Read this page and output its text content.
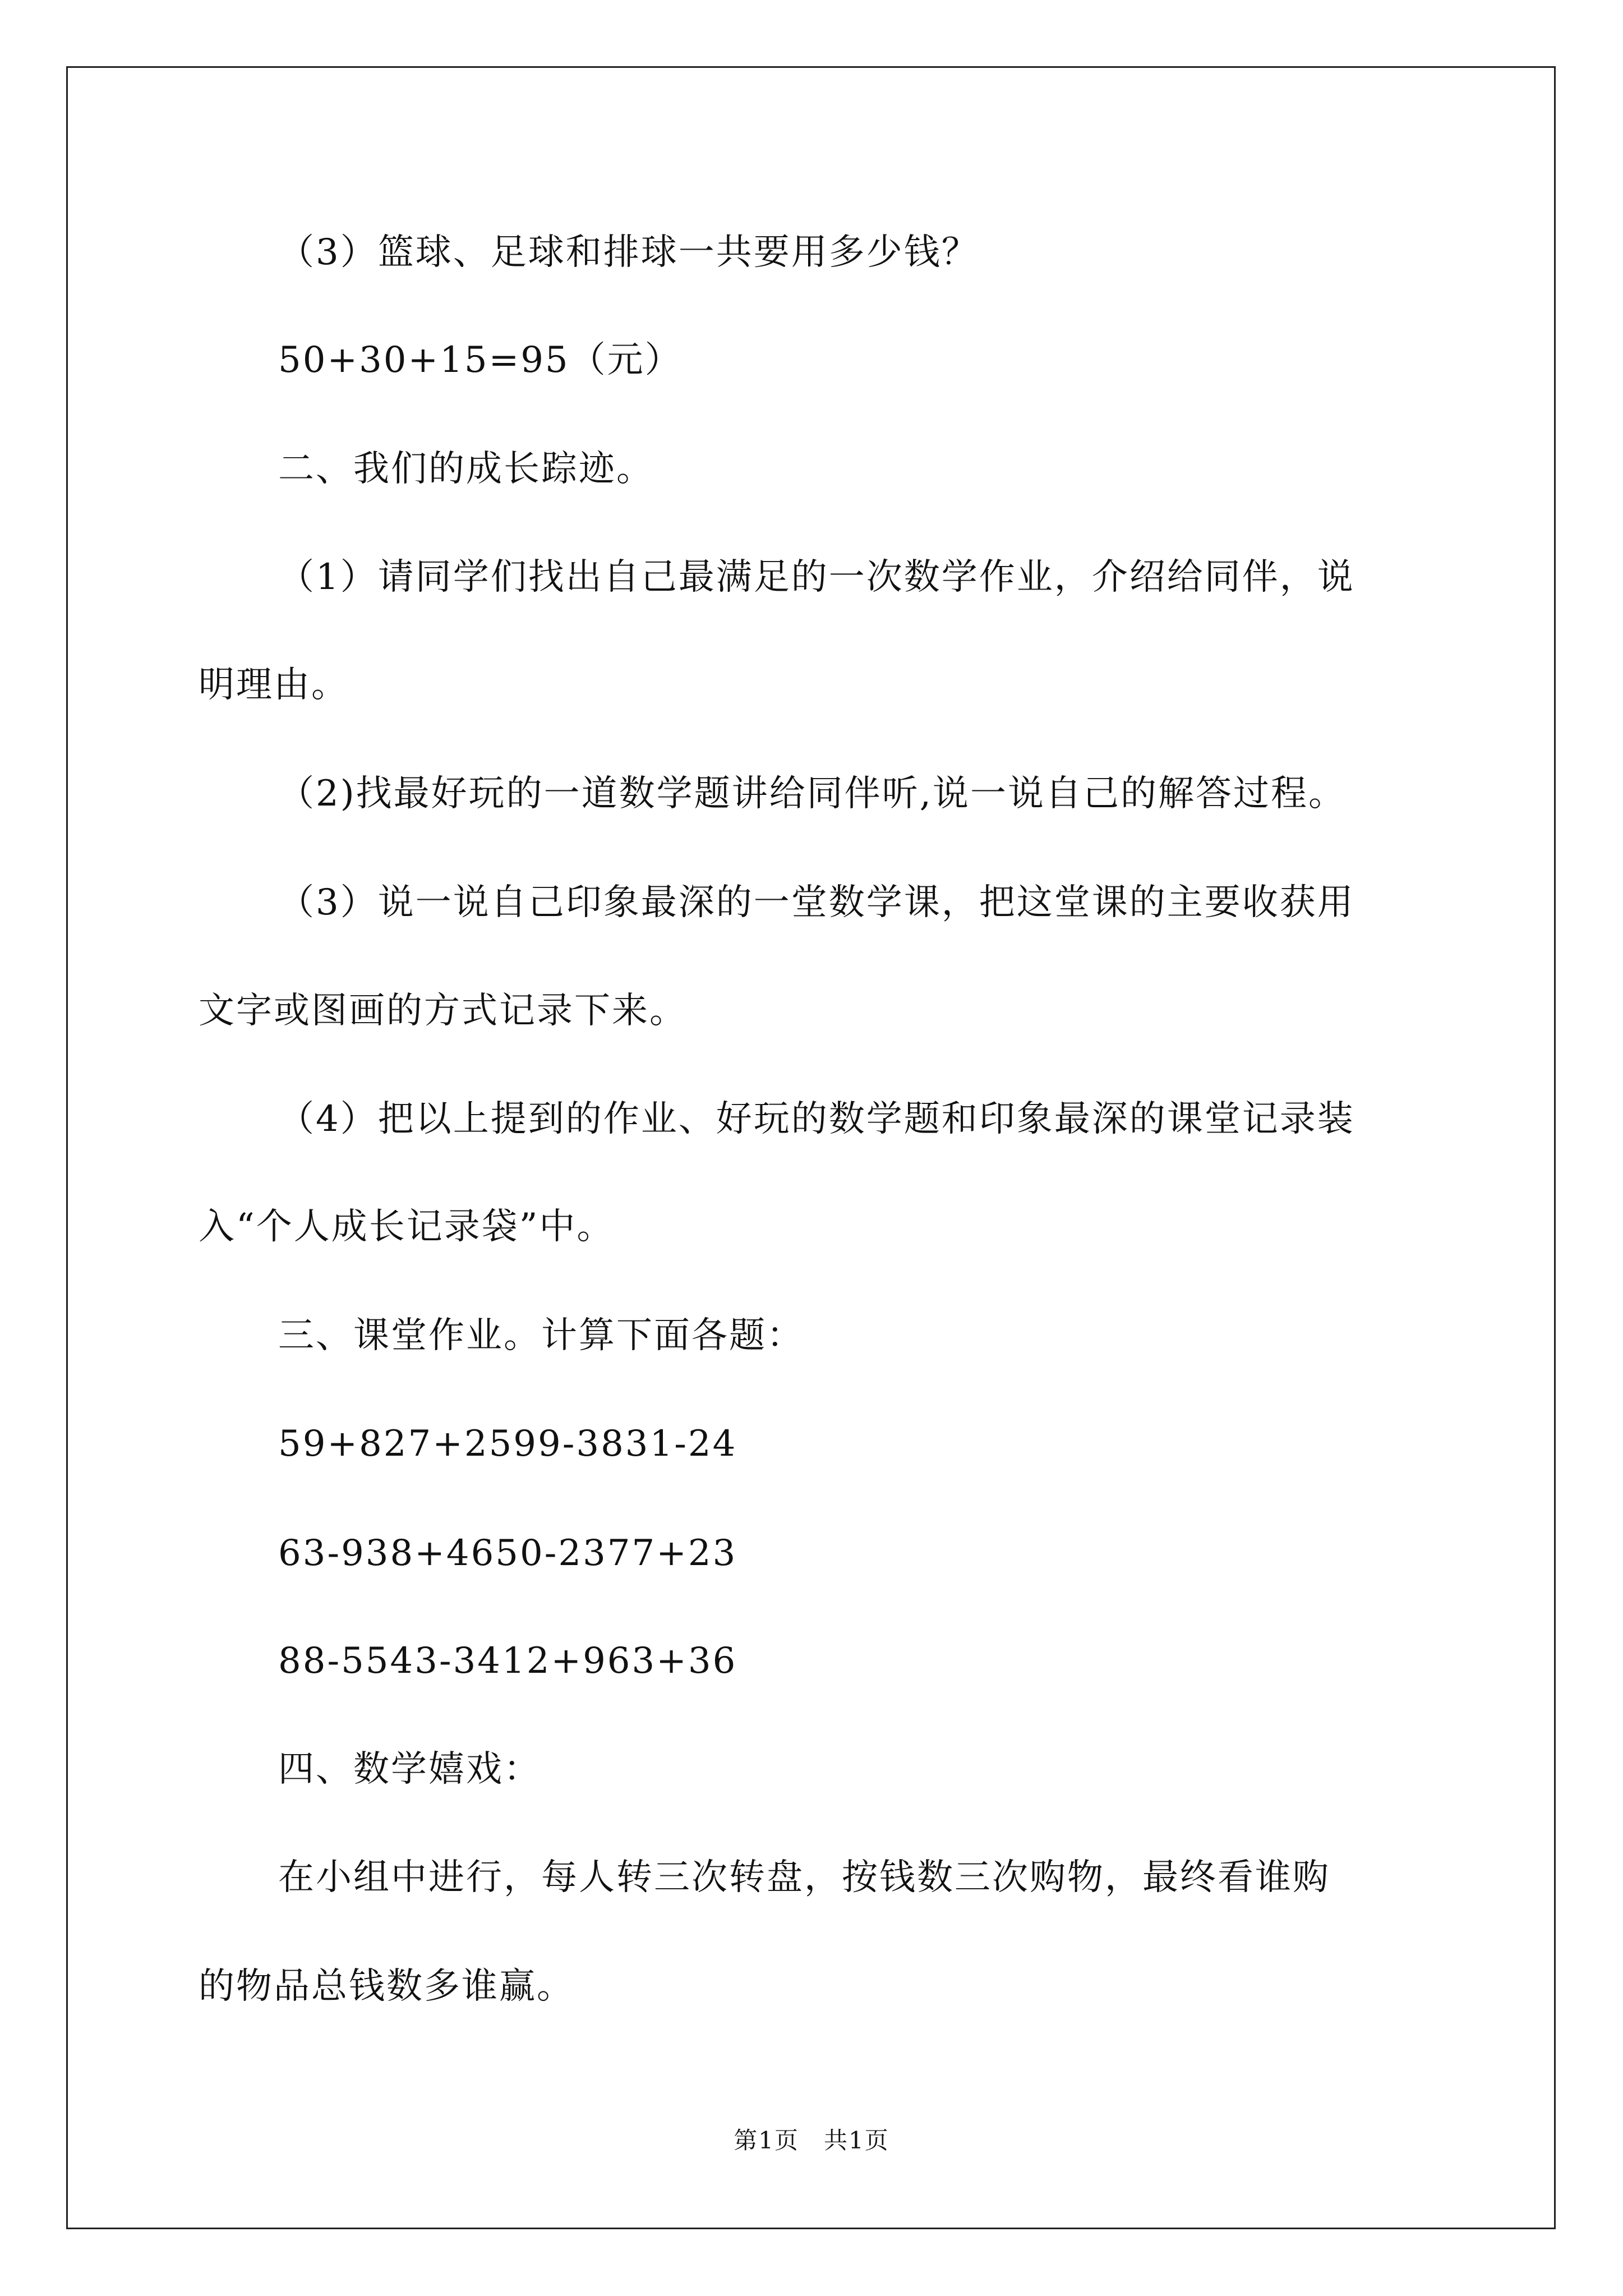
（3）篮球、足球和排球一共要用多少钱？
50+30+15=95（元）
二、我们的成长踪迹。
（1）请同学们找出自己最满足的一次数学作业，介绍给同伴，说
明理由。
（2)找最好玩的一道数学题讲给同伴听,说一说自己的解答过程。
（3）说一说自己印象最深的一堂数学课，把这堂课的主要收获用
文字或图画的方式记录下来。
（4）把以上提到的作业、好玩的数学题和印象最深的课堂记录装
入“个人成长记录袋”中。
三、课堂作业。计算下面各题：
59+827+2599-3831-24
63-938+4650-2377+23
88-5543-3412+963+36
四、数学嬉戏：
在小组中进行，每人转三次转盘，按钱数三次购物，最终看谁购
的物品总钱数多谁赢。
第1页　共1页
